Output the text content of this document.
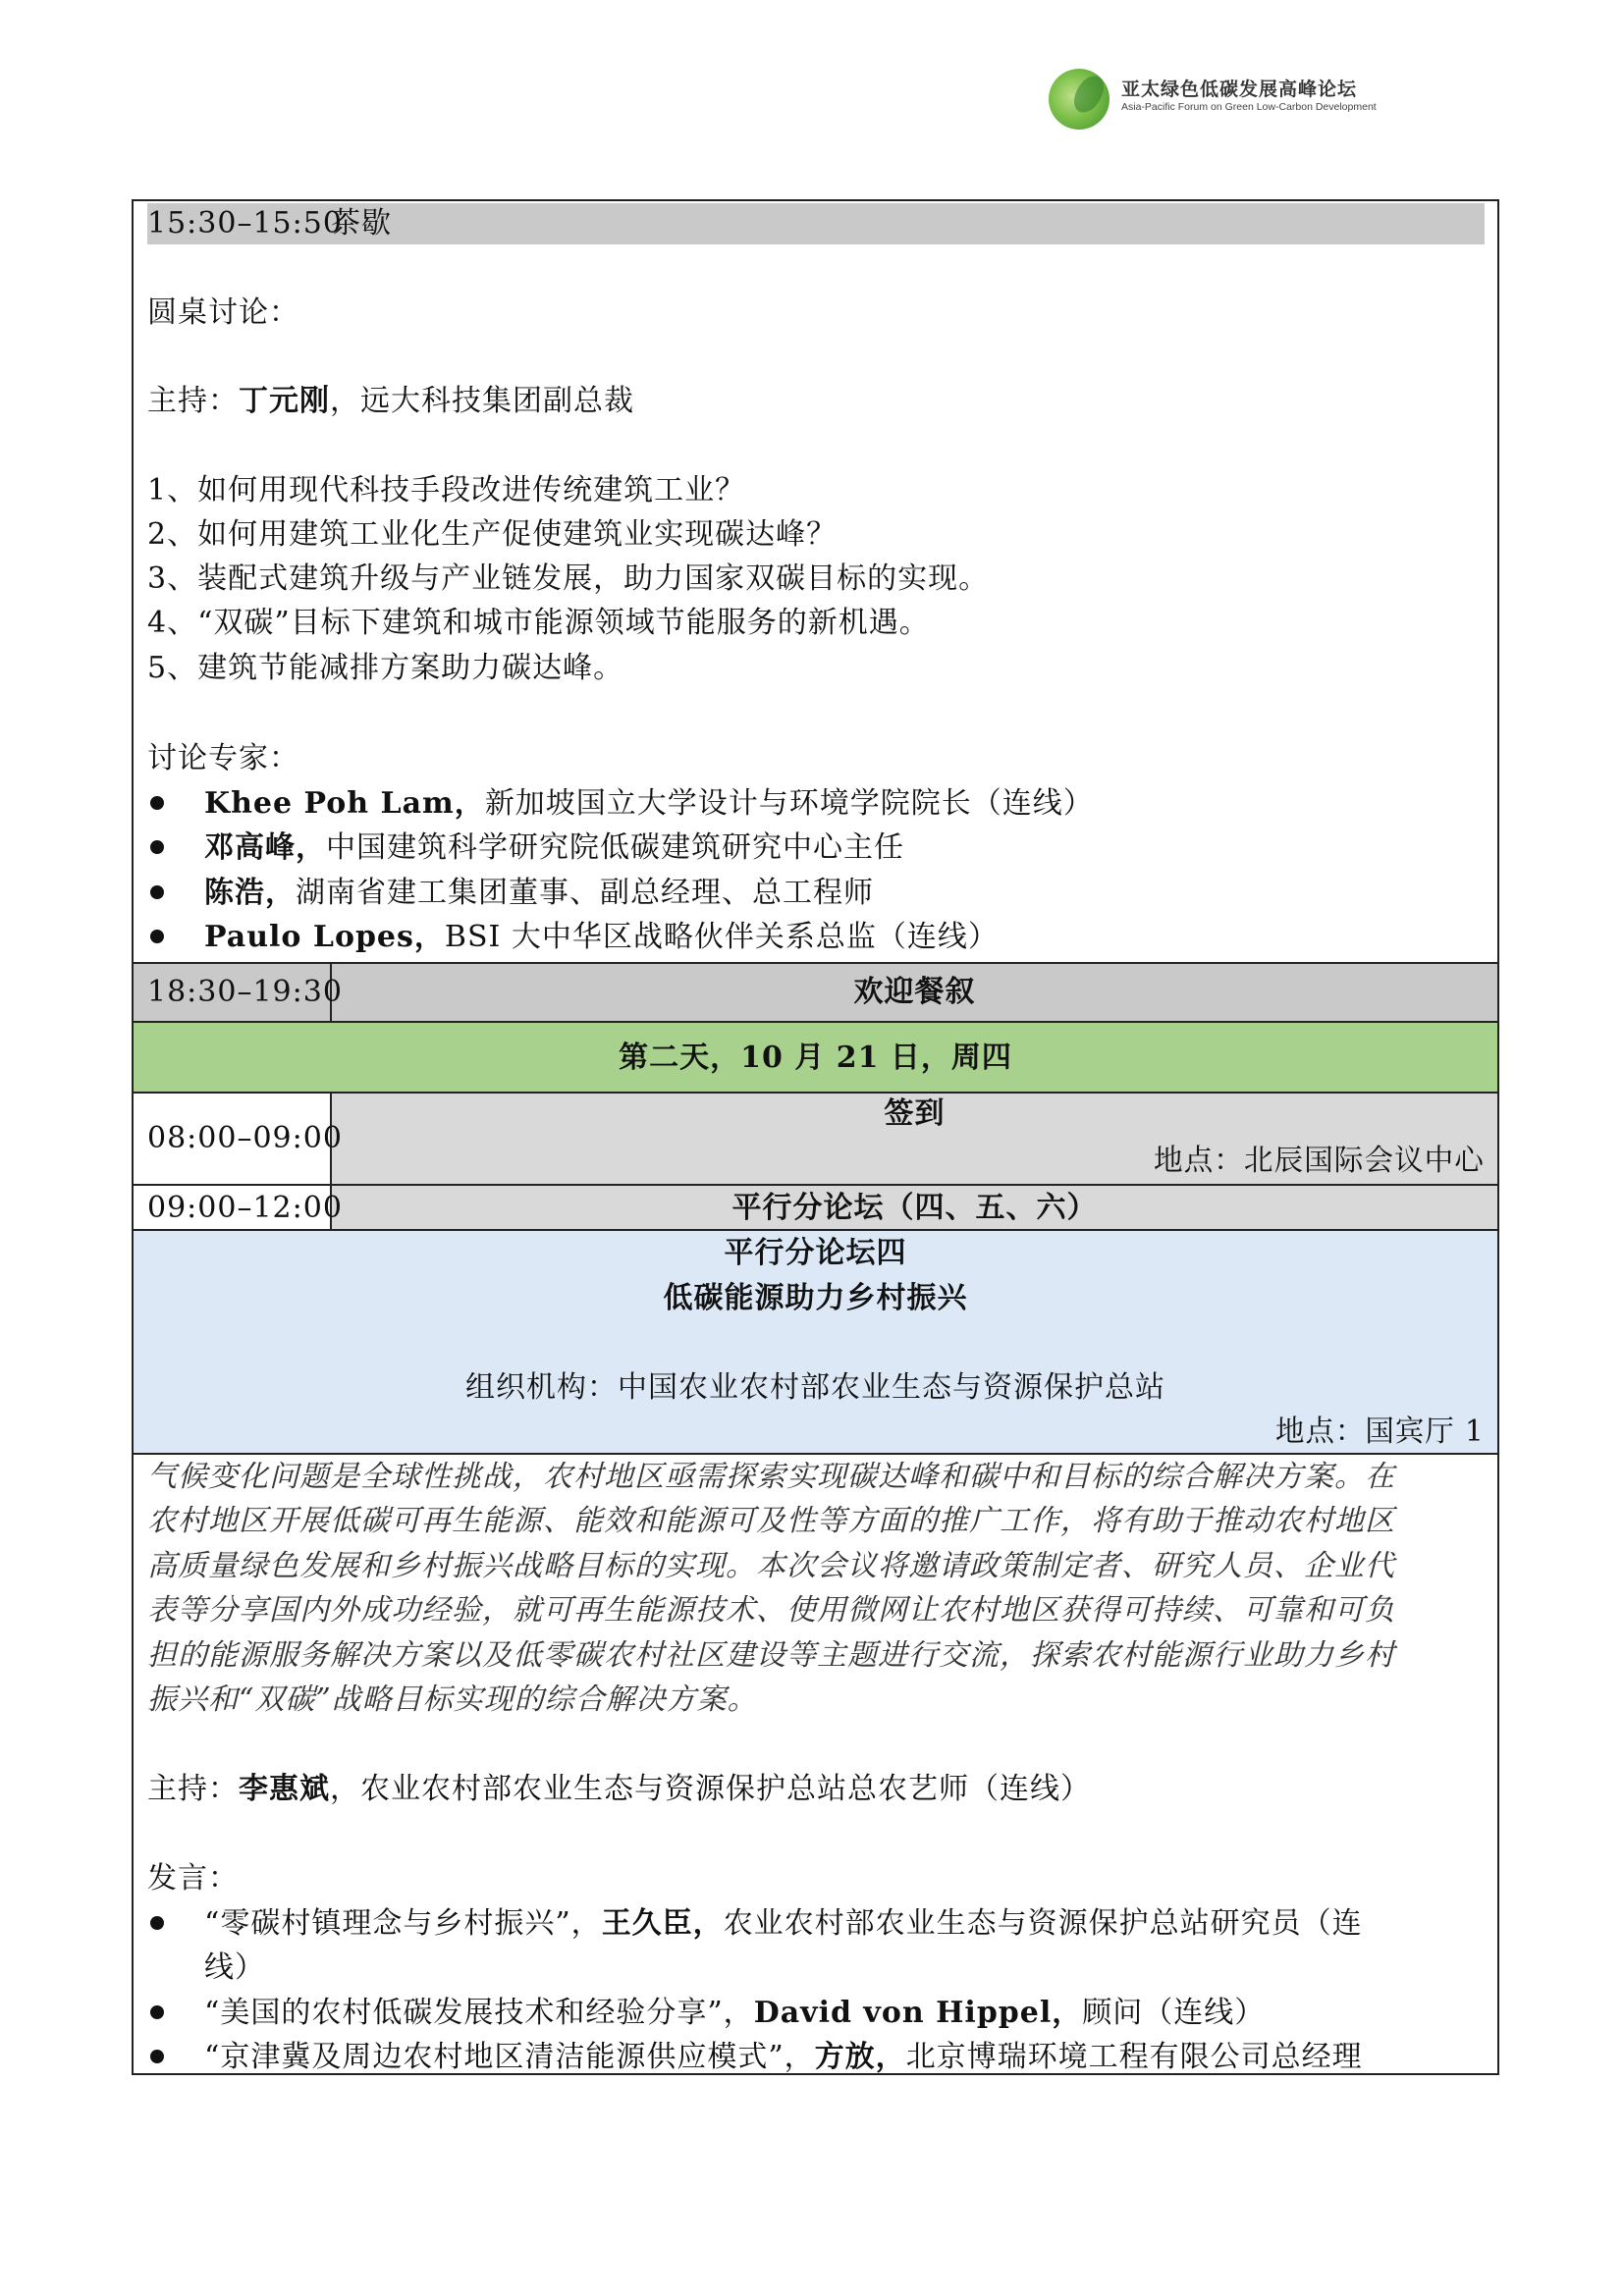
亚太绿色低碳发展高峰论坛
Asia-Pacific Forum on Green Low-Carbon Development
15:30–15:50
茶歇
圆桌讨论：
主持：丁元刚，远大科技集团副总裁
1、如何用现代科技手段改进传统建筑工业？
2、如何用建筑工业化生产促使建筑业实现碳达峰？
3、装配式建筑升级与产业链发展，助力国家双碳目标的实现。
4、“双碳”目标下建筑和城市能源领域节能服务的新机遇。
5、建筑节能减排方案助力碳达峰。
讨论专家：
Khee Poh Lam，新加坡国立大学设计与环境学院院长（连线）
邓高峰，中国建筑科学研究院低碳建筑研究中心主任
陈浩，湖南省建工集团董事、副总经理、总工程师
Paulo Lopes，BSI 大中华区战略伙伴关系总监（连线）
18:30–19:30	欢迎餐叙
第二天，10 月 21 日，周四
08:00–09:00
签到
地点：北辰国际会议中心
09:00–12:00	平行分论坛（四、五、六）
平行分论坛四
低碳能源助力乡村振兴
组织机构：中国农业农村部农业生态与资源保护总站
地点：国宾厅 1
气候变化问题是全球性挑战，农村地区亟需探索实现碳达峰和碳中和目标的综合解决方案。在
农村地区开展低碳可再生能源、能效和能源可及性等方面的推广工作，将有助于推动农村地区
高质量绿色发展和乡村振兴战略目标的实现。本次会议将邀请政策制定者、研究人员、企业代
表等分享国内外成功经验，就可再生能源技术、使用微网让农村地区获得可持续、可靠和可负
担的能源服务解决方案以及低零碳农村社区建设等主题进行交流，探索农村能源行业助力乡村
振兴和“双碳”战略目标实现的综合解决方案。
主持：李惠斌，农业农村部农业生态与资源保护总站总农艺师（连线）
发言：
“零碳村镇理念与乡村振兴”，王久臣，农业农村部农业生态与资源保护总站研究员（连
线）
“美国的农村低碳发展技术和经验分享”，David von Hippel，顾问（连线）
“京津冀及周边农村地区清洁能源供应模式”，方放，北京博瑞环境工程有限公司总经理
